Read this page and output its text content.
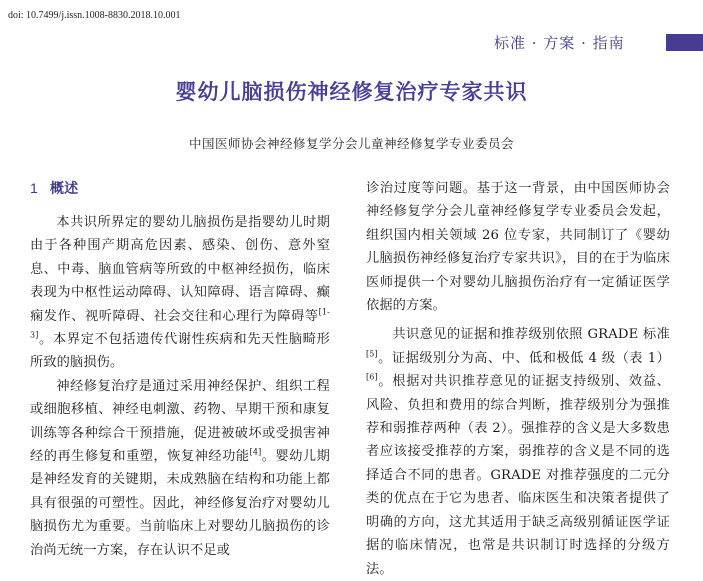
doi: 10.7499/j.issn.1008-8830.2018.10.001
标准 · 方案 · 指南
婴幼儿脑损伤神经修复治疗专家共识
中国医师协会神经修复学分会儿童神经修复学专业委员会
1 概述

本共识所界定的婴幼儿脑损伤是指婴幼儿时期由于各种围产期高危因素、感染、创伤、意外窒息、中毒、脑血管病等所致的中枢神经损伤，临床表现为中枢性运动障碍、认知障碍、语言障碍、癫痫发作、视听障碍、社会交往和心理行为障碍等[1-3]。本界定不包括遗传代谢性疾病和先天性脑畸形所致的脑损伤。

神经修复治疗是通过采用神经保护、组织工程或细胞移植、神经电刺激、药物、早期干预和康复训练等各种综合干预措施，促进被破坏或受损害神经的再生修复和重塑，恢复神经功能[4]。婴幼儿期是神经发育的关键期，未成熟脑在结构和功能上都具有很强的可塑性。因此，神经修复治疗对婴幼儿脑损伤尤为重要。当前临床上对婴幼儿脑损伤的诊治尚无统一方案，存在认识不足或

诊治过度等问题。基于这一背景，由中国医师协会神经修复学分会儿童神经修复学专业委员会发起，组织国内相关领域 26 位专家，共同制订了《婴幼儿脑损伤神经修复治疗专家共识》，目的在于为临床医师提供一个对婴幼儿脑损伤治疗有一定循证医学依据的方案。

共识意见的证据和推荐级别依照 GRADE 标准[5]。证据级别分为高、中、低和极低 4 级（表 1）[6]。根据对共识推荐意见的证据支持级别、效益、风险、负担和费用的综合判断，推荐级别分为强推荐和弱推荐两种（表 2）。强推荐的含义是大多数患者应该接受推荐的方案，弱推荐的含义是不同的选择适合不同的患者。GRADE 对推荐强度的二元分类的优点在于它为患者、临床医生和决策者提供了明确的方向，这尤其适用于缺乏高级别循证医学证据的临床情况，也常是共识制订时选择的分级方法。
